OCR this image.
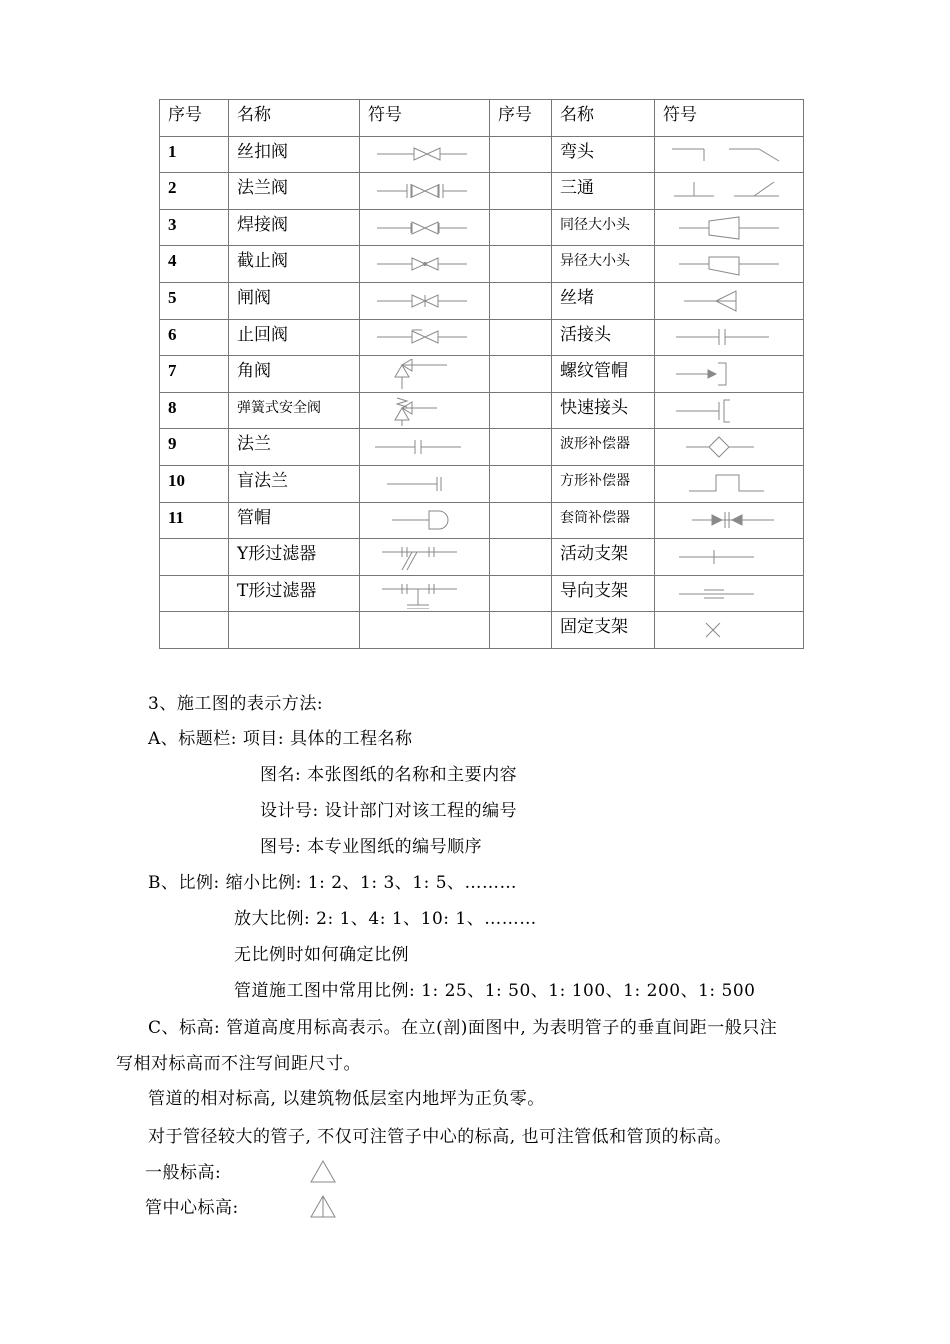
序号	名称	符号	序号	名称	符号
1	丝扣阀			弯头	

2	法兰阀			三通	

3	焊接阀			同径大小头	

4	截止阀			异径大小头	

5	闸阀			丝堵	

6	止回阀			活接头	

7	角阀			螺纹管帽	

8	弹簧式安全阀			快速接头	

9	法兰			波形补偿器	

10	盲法兰			方形补偿器	

11	管帽			套筒补偿器	

	Y形过滤器			活动支架	

	T形过滤器			导向支架	

				固定支架	
3、施工图的表示方法:
A、标题栏: 项目: 具体的工程名称
图名: 本张图纸的名称和主要内容
设计号: 设计部门对该工程的编号
图号: 本专业图纸的编号顺序
B、比例: 缩小比例: 1: 2、1: 3、1: 5、………
放大比例: 2: 1、4: 1、10: 1、………
无比例时如何确定比例
管道施工图中常用比例: 1: 25、1: 50、1: 100、1: 200、1: 500
C、标高: 管道高度用标高表示。在立(剖)面图中, 为表明管子的垂直间距一般只注
写相对标高而不注写间距尺寸。
管道的相对标高, 以建筑物低层室内地坪为正负零。
对于管径较大的管子, 不仅可注管子中心的标高, 也可注管低和管顶的标高。
一般标高:
管中心标高:
